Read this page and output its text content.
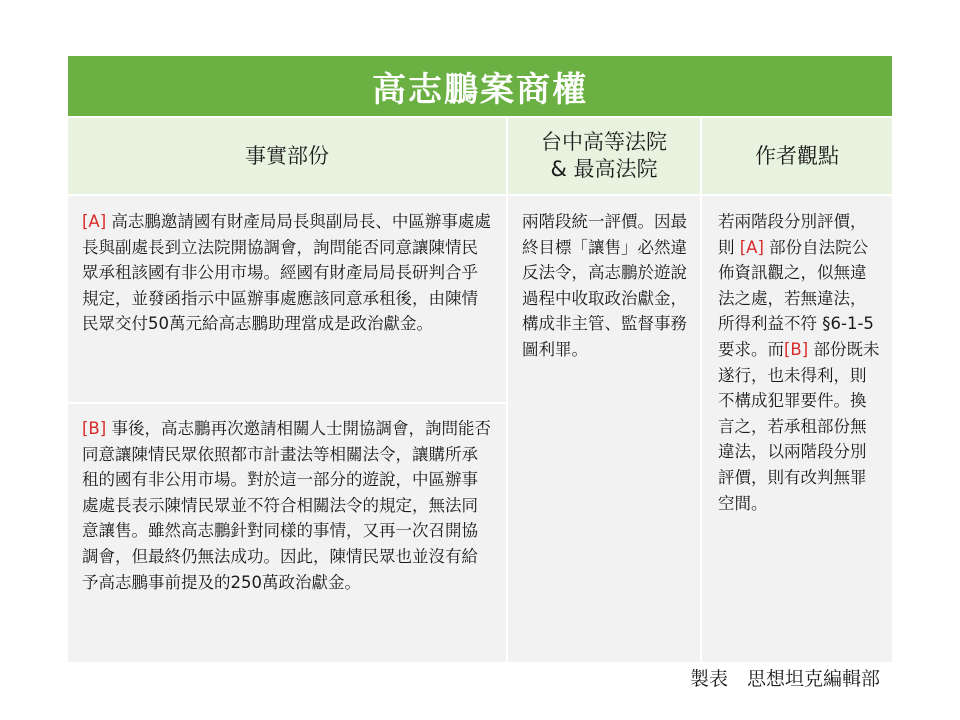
高志鵬案商權
事實部份
台中高等法院
& 最高法院
作者觀點
[A] 高志鵬邀請國有財產局局長與副局長、中區辦事處處長與副處長到立法院開協調會，詢問能否同意讓陳情民眾承租該國有非公用市場。經國有財產局局長研判合乎規定，並發函指示中區辦事處應該同意承租後，由陳情民眾交付50萬元給高志鵬助理當成是政治獻金。
[B] 事後，高志鵬再次邀請相關人士開協調會，詢問能否同意讓陳情民眾依照都市計畫法等相關法令，讓購所承租的國有非公用市場。對於這一部分的遊說，中區辦事處處長表示陳情民眾並不符合相關法令的規定，無法同意讓售。雖然高志鵬針對同樣的事情，又再一次召開協調會，但最終仍無法成功。因此，陳情民眾也並沒有給予高志鵬事前提及的250萬政治獻金。
兩階段統一評價。因最終目標「讓售」必然違反法令，高志鵬於遊說過程中收取政治獻金，構成非主管、監督事務圖利罪。
若兩階段分別評價，則 [A] 部份自法院公佈資訊觀之，似無違法之處，若無違法，所得利益不符 §6-1-5要求。而[B] 部份既未遂行，也未得利，則不構成犯罪要件。換言之，若承租部份無違法，以兩階段分別評價，則有改判無罪空間。
製表　思想坦克編輯部
